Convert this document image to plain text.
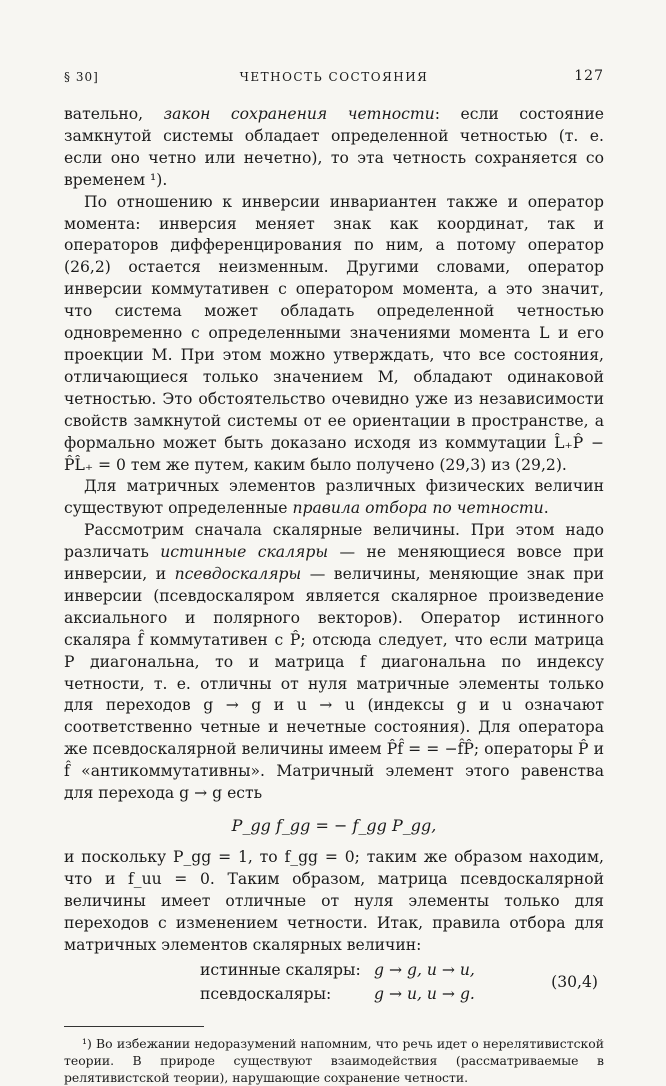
§ 30]	ЧЕТНОСТЬ СОСТОЯНИЯ	127

вательно, закон сохранения четности: если состояние замкнутой системы обладает определенной четностью (т. е. если оно четно или нечетно), то эта четность сохраняется со временем ¹).

По отношению к инверсии инвариантен также и оператор момента: инверсия меняет знак как координат, так и операторов дифференцирования по ним, а потому оператор (26,2) остается неизменным. Другими словами, оператор инверсии коммутативен с оператором момента, а это значит, что система может обладать определенной четностью одновременно с определенными значениями момента L и его проекции M. При этом можно утверждать, что все состояния, отличающиеся только значением M, обладают одинаковой четностью. Это обстоятельство очевидно уже из независимости свойств замкнутой системы от ее ориентации в пространстве, а формально может быть доказано исходя из коммутации L̂₊P̂ − P̂L̂₊ = 0 тем же путем, каким было получено (29,3) из (29,2).

Для матричных элементов различных физических величин существуют определенные правила отбора по четности.

Рассмотрим сначала скалярные величины. При этом надо различать истинные скаляры — не меняющиеся вовсе при инверсии, и псевдоскаляры — величины, меняющие знак при инверсии (псевдоскаляром является скалярное произведение аксиального и полярного векторов). Оператор истинного скаляра f̂ коммутативен с P̂; отсюда следует, что если матрица P диагональна, то и матрица f диагональна по индексу четности, т. е. отличны от нуля матричные элементы только для переходов g → g и u → u (индексы g и u означают соответственно четные и нечетные состояния). Для оператора же псевдоскалярной величины имеем P̂f̂ = = −f̂P̂; операторы P̂ и f̂ «антикоммутативны». Матричный элемент этого равенства для перехода g → g есть

P_gg f_gg = − f_gg P_gg,

и поскольку P_gg = 1, то f_gg = 0; таким же образом находим, что и f_uu = 0. Таким образом, матрица псевдоскалярной величины имеет отличные от нуля элементы только для переходов с изменением четности. Итак, правила отбора для матричных элементов скалярных величин:

истинные скаляры: g → g, u → u,
псевдоскаляры:	g → u, u → g.
(30,4)
¹) Во избежании недоразумений напомним, что речь идет о нерелятивистской теории. В природе существуют взаимодействия (рассматриваемые в релятивистской теории), нарушающие сохранение четности.
